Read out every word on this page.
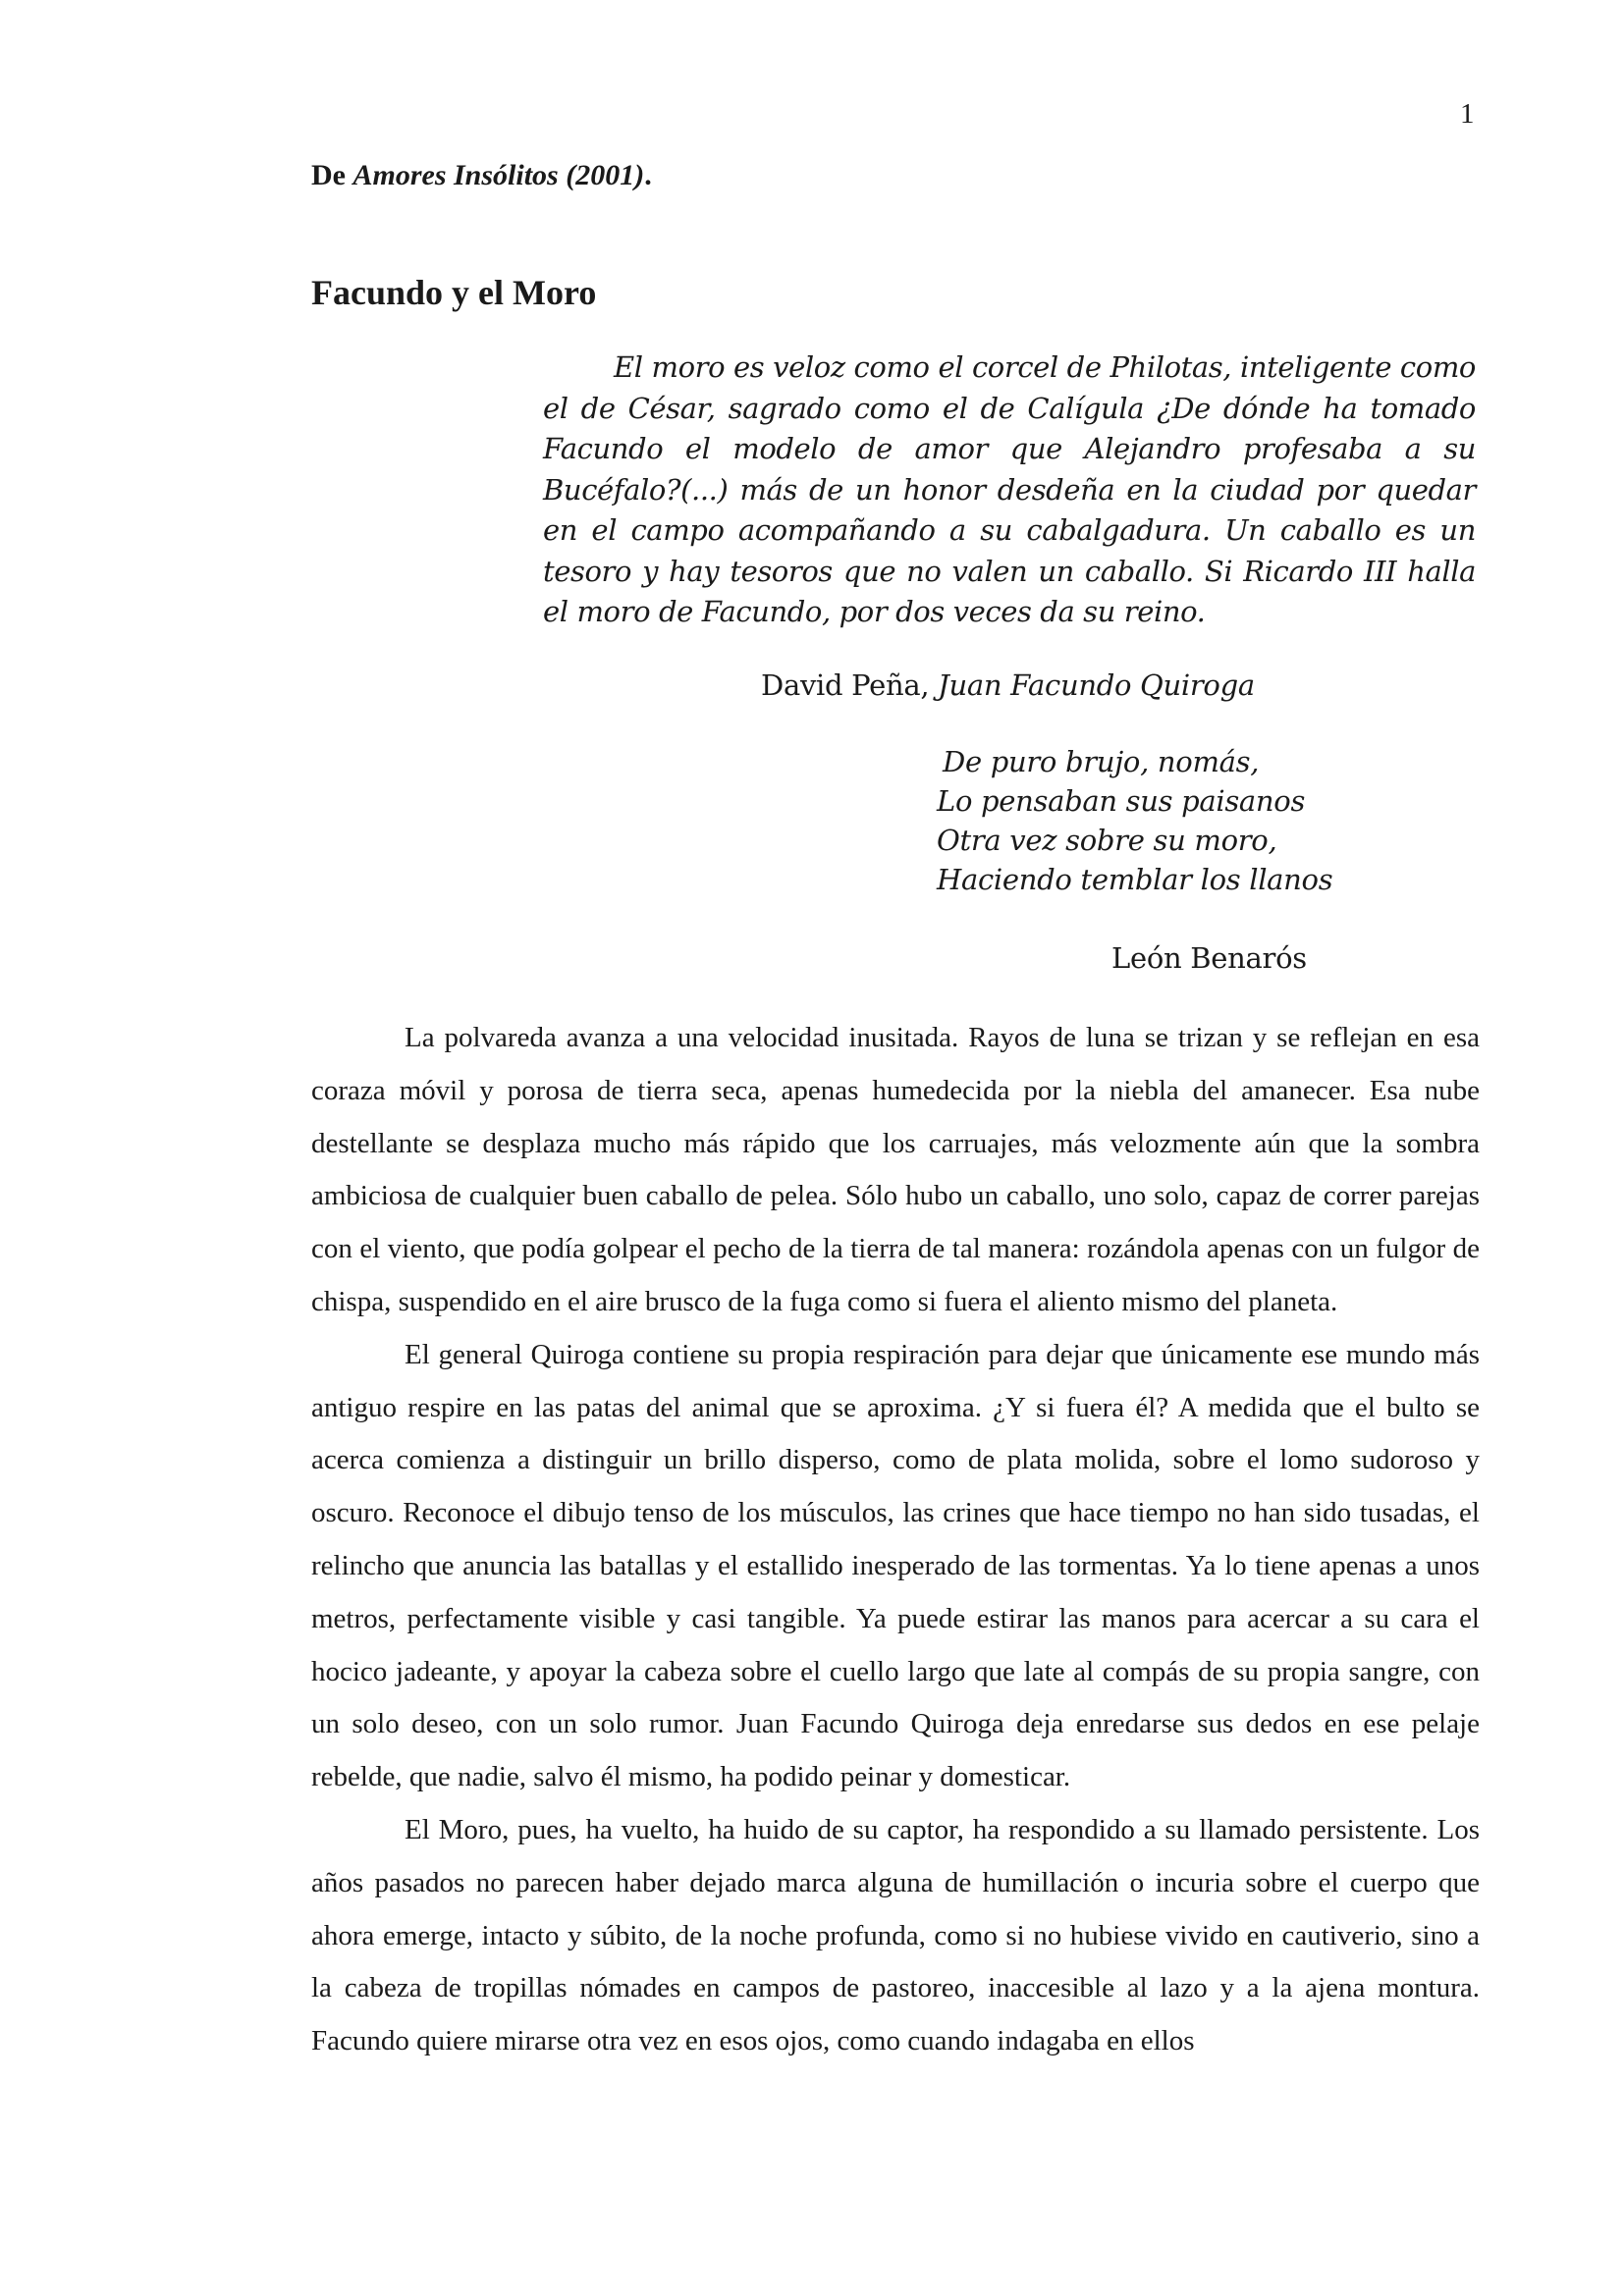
1
De Amores Insólitos (2001).
Facundo y el Moro

El moro es veloz como el corcel de Philotas, inteligente como el de César, sagrado como el de Calígula ¿De dónde ha tomado Facundo el modelo de amor que Alejandro profesaba a su Bucéfalo?(...) más de un honor desdeña en la ciudad por quedar en el campo acompañando a su cabalgadura. Un caballo es un tesoro y hay tesoros que no valen un caballo. Si Ricardo III halla el moro de Facundo, por dos veces da su reino.

David Peña, Juan Facundo Quiroga
De puro brujo, nomás,
Lo pensaban sus paisanos
Otra vez sobre su moro,
Haciendo temblar los llanos
León Benarós

La polvareda avanza a una velocidad inusitada. Rayos de luna se trizan y se reflejan en esa coraza móvil y porosa de tierra seca, apenas humedecida por la niebla del amanecer. Esa nube destellante se desplaza mucho más rápido que los carruajes, más velozmente aún que la sombra ambiciosa de cualquier buen caballo de pelea. Sólo hubo un caballo, uno solo, capaz de correr parejas con el viento, que podía golpear el pecho de la tierra de tal manera: rozándola apenas con un fulgor de chispa, suspendido en el aire brusco de la fuga como si fuera el aliento mismo del planeta.

El general Quiroga contiene su propia respiración para dejar que únicamente ese mundo más antiguo respire en las patas del animal que se aproxima. ¿Y si fuera él? A medida que el bulto se acerca comienza a distinguir un brillo disperso, como de plata molida, sobre el lomo sudoroso y oscuro. Reconoce el dibujo tenso de los músculos, las crines que hace tiempo no han sido tusadas, el relincho que anuncia las batallas y el estallido inesperado de las tormentas. Ya lo tiene apenas a unos metros, perfectamente visible y casi tangible. Ya puede estirar las manos para acercar a su cara el hocico jadeante, y apoyar la cabeza sobre el cuello largo que late al compás de su propia sangre, con un solo deseo, con un solo rumor. Juan Facundo Quiroga deja enredarse sus dedos en ese pelaje rebelde, que nadie, salvo él mismo, ha podido peinar y domesticar.

El Moro, pues, ha vuelto, ha huido de su captor, ha respondido a su llamado persistente. Los años pasados no parecen haber dejado marca alguna de humillación o incuria sobre el cuerpo que ahora emerge, intacto y súbito, de la noche profunda, como si no hubiese vivido en cautiverio, sino a la cabeza de tropillas nómades en campos de pastoreo, inaccesible al lazo y a la ajena montura. Facundo quiere mirarse otra vez en esos ojos, como cuando indagaba en ellos
